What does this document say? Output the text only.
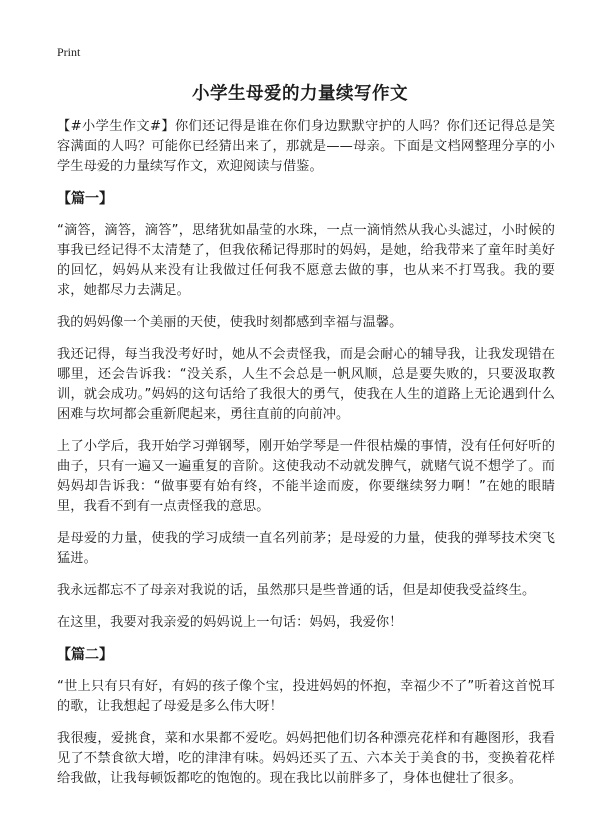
Print
小学生母爱的力量续写作文

【#小学生作文#】你们还记得是谁在你们身边默默守护的人吗？你们还记得总是笑容满面的人吗？可能你已经猜出来了，那就是——母亲。下面是文档网整理分享的小学生母爱的力量续写作文，欢迎阅读与借鉴。

【篇一】

“滴答，滴答，滴答”，思绪犹如晶莹的水珠，一点一滴悄然从我心头滤过，小时候的事我已经记得不太清楚了，但我依稀记得那时的妈妈，是她，给我带来了童年时美好的回忆，妈妈从来没有让我做过任何我不愿意去做的事，也从来不打骂我。我的要求，她都尽力去满足。

我的妈妈像一个美丽的天使，使我时刻都感到幸福与温馨。

我还记得，每当我没考好时，她从不会责怪我，而是会耐心的辅导我，让我发现错在哪里，还会告诉我：“没关系，人生不会总是一帆风顺，总是要失败的，只要汲取教训，就会成功。”妈妈的这句话给了我很大的勇气，使我在人生的道路上无论遇到什么困难与坎坷都会重新爬起来，勇往直前的向前冲。

上了小学后，我开始学习弹钢琴，刚开始学琴是一件很枯燥的事情，没有任何好听的曲子，只有一遍又一遍重复的音阶。这使我动不动就发脾气，就赌气说不想学了。而妈妈却告诉我：“做事要有始有终，不能半途而废，你要继续努力啊！”在她的眼睛里，我看不到有一点责怪我的意思。

是母爱的力量，使我的学习成绩一直名列前茅；是母爱的力量，使我的弹琴技术突飞猛进。

我永远都忘不了母亲对我说的话，虽然那只是些普通的话，但是却使我受益终生。

在这里，我要对我亲爱的妈妈说上一句话：妈妈，我爱你！

【篇二】

“世上只有只有好，有妈的孩子像个宝，投进妈妈的怀抱，幸福少不了”听着这首悦耳的歌，让我想起了母爱是多么伟大呀！

我很瘦，爱挑食，菜和水果都不爱吃。妈妈把他们切各种漂亮花样和有趣图形，我看见了不禁食欲大增，吃的津津有味。妈妈还买了五、六本关于美食的书，变换着花样给我做，让我每顿饭都吃的饱饱的。现在我比以前胖多了，身体也健壮了很多。
